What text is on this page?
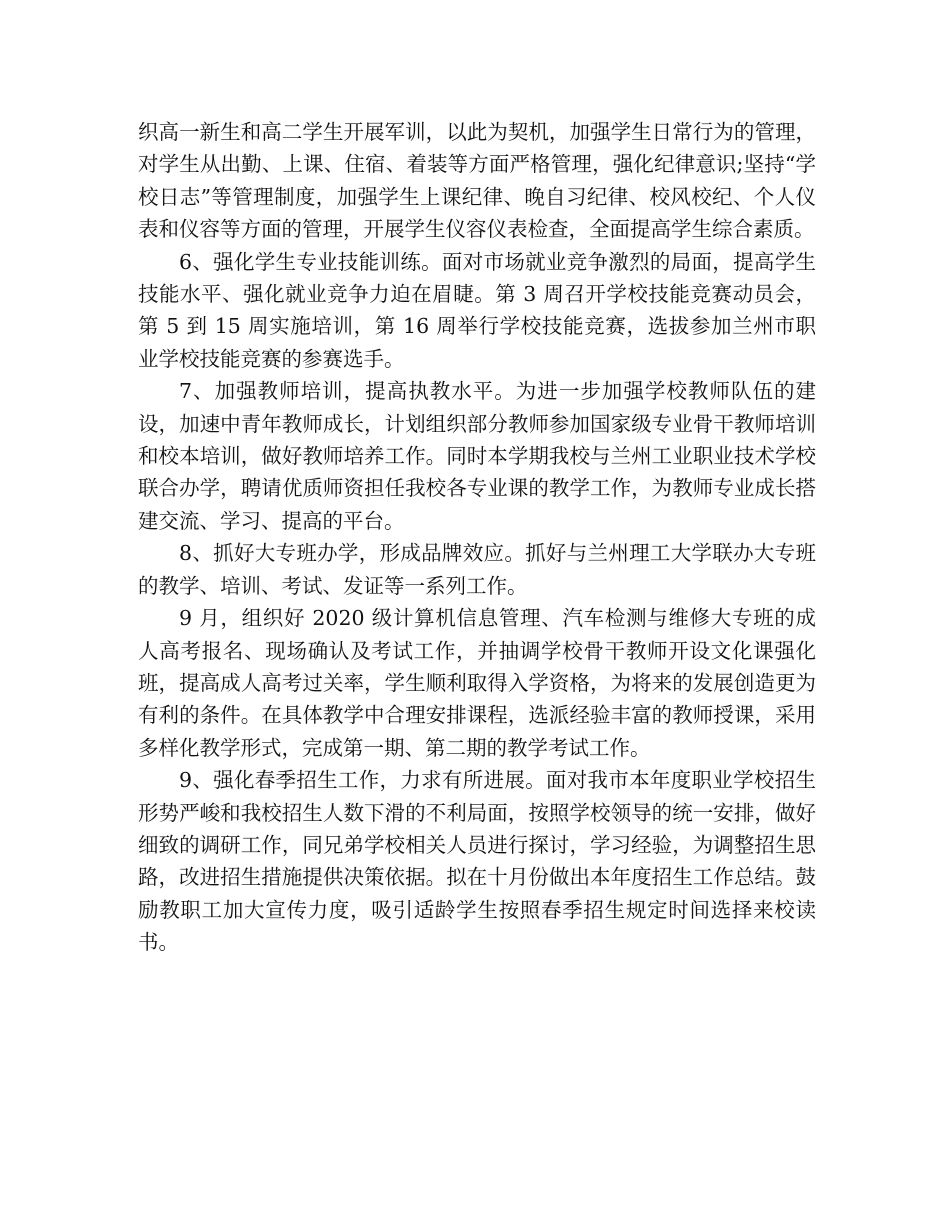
织高一新生和高二学生开展军训，以此为契机，加强学生日常行为的管理，对学生从出勤、上课、住宿、着装等方面严格管理，强化纪律意识;坚持“学校日志”等管理制度，加强学生上课纪律、晚自习纪律、校风校纪、个人仪表和仪容等方面的管理，开展学生仪容仪表检查，全面提高学生综合素质。

6、强化学生专业技能训练。面对市场就业竞争激烈的局面，提高学生技能水平、强化就业竞争力迫在眉睫。第 3 周召开学校技能竞赛动员会，第 5 到 15 周实施培训，第 16 周举行学校技能竞赛，选拔参加兰州市职业学校技能竞赛的参赛选手。

7、加强教师培训，提高执教水平。为进一步加强学校教师队伍的建设，加速中青年教师成长，计划组织部分教师参加国家级专业骨干教师培训和校本培训，做好教师培养工作。同时本学期我校与兰州工业职业技术学校联合办学，聘请优质师资担任我校各专业课的教学工作，为教师专业成长搭建交流、学习、提高的平台。

8、抓好大专班办学，形成品牌效应。抓好与兰州理工大学联办大专班的教学、培训、考试、发证等一系列工作。

9 月，组织好 2020 级计算机信息管理、汽车检测与维修大专班的成人高考报名、现场确认及考试工作，并抽调学校骨干教师开设文化课强化班，提高成人高考过关率，学生顺利取得入学资格，为将来的发展创造更为有利的条件。在具体教学中合理安排课程，选派经验丰富的教师授课，采用多样化教学形式，完成第一期、第二期的教学考试工作。

9、强化春季招生工作，力求有所进展。面对我市本年度职业学校招生形势严峻和我校招生人数下滑的不利局面，按照学校领导的统一安排，做好细致的调研工作，同兄弟学校相关人员进行探讨，学习经验，为调整招生思路，改进招生措施提供决策依据。拟在十月份做出本年度招生工作总结。鼓励教职工加大宣传力度，吸引适龄学生按照春季招生规定时间选择来校读书。
